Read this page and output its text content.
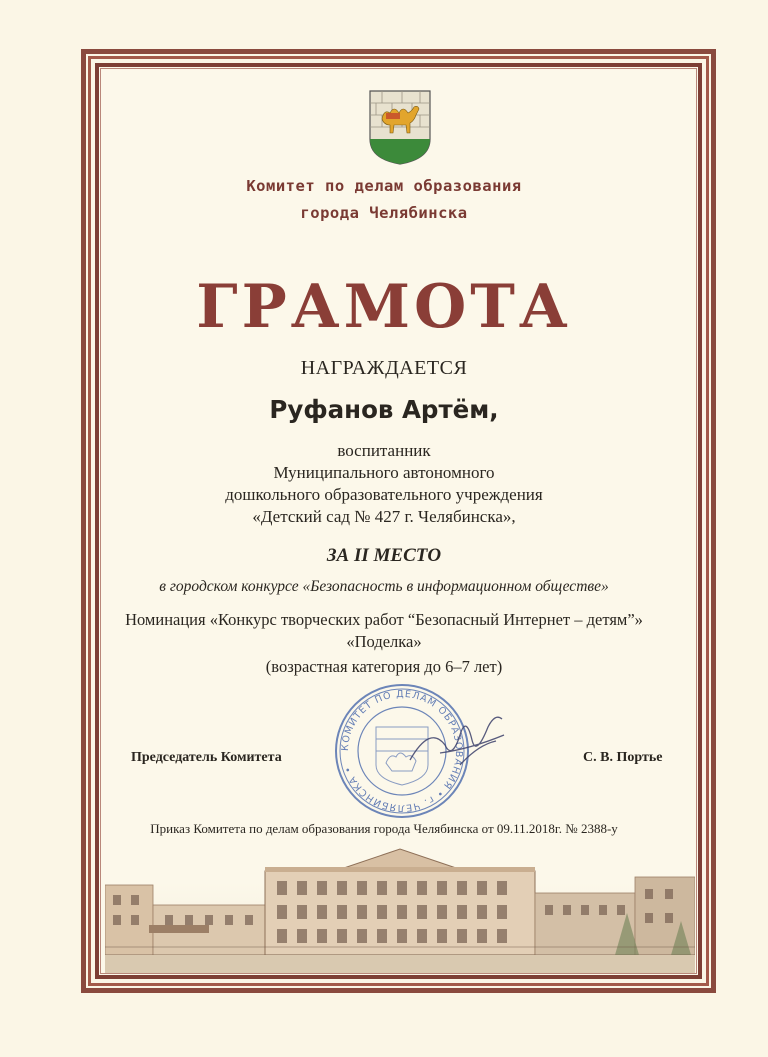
Комитет по делам образования
города Челябинска
ГРАМОТА
НАГРАЖДАЕТСЯ
Руфанов Артём,
воспитанник
Муниципального автономного
дошкольного образовательного учреждения
«Детский сад № 427 г. Челябинска»,
ЗА II МЕСТО
в городском конкурсе «Безопасность в информационном обществе»
Номинация «Конкурс творческих работ “Безопасный Интернет – детям”»
«Поделка»
(возрастная категория до 6–7 лет)
КОМИТЕТ ПО ДЕЛАМ ОБРАЗОВАНИЯ • г. ЧЕЛЯБИНСКА •
Председатель Комитета	С. В. Портье
Приказ Комитета по делам образования города Челябинска от 09.11.2018г. № 2388-у
